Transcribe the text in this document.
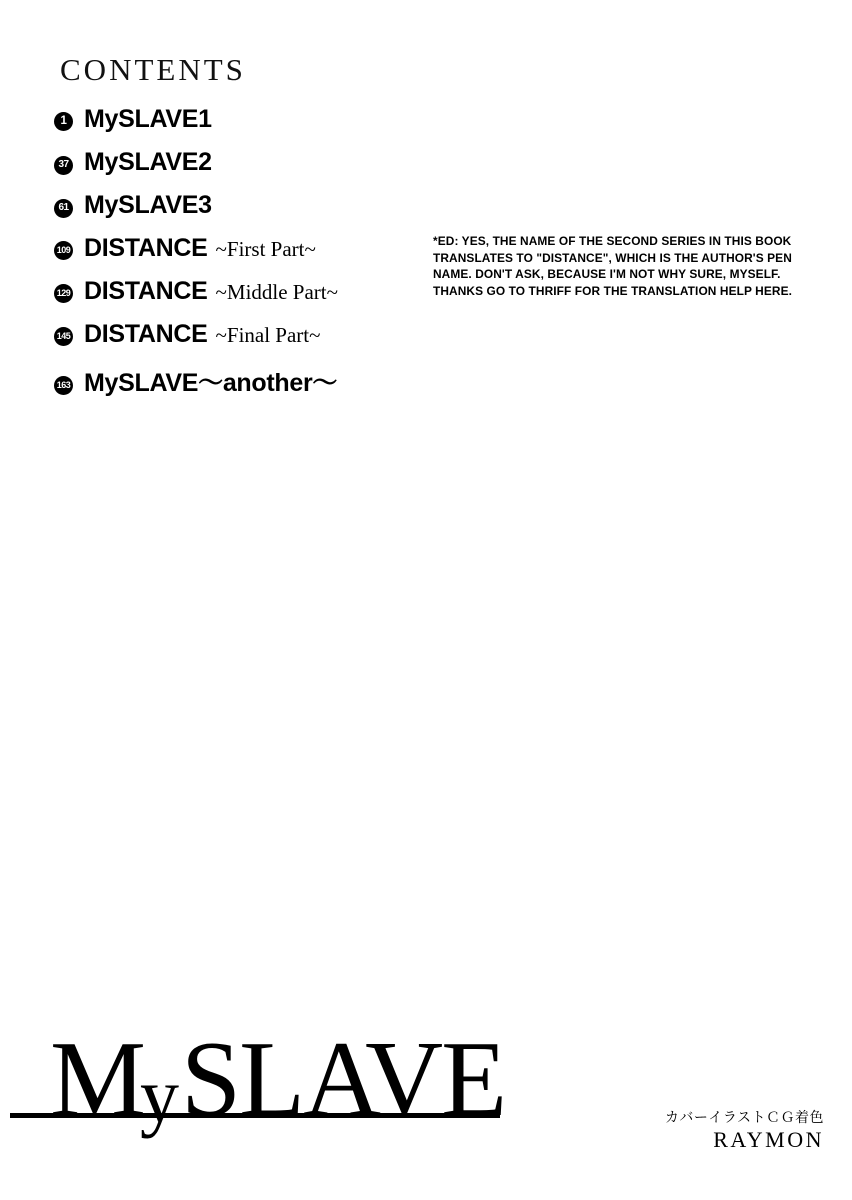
CONTENTS
1 MySLAVE1
37 MySLAVE2
61 MySLAVE3
109 DISTANCE ~First Part~
129 DISTANCE ~Middle Part~
145 DISTANCE ~Final Part~
163 MySLAVE〜another〜
*ED: YES, THE NAME OF THE SECOND SERIES IN THIS BOOK
TRANSLATES TO "DISTANCE", WHICH IS THE AUTHOR'S PEN
NAME. DON'T ASK, BECAUSE I'M NOT WHY SURE, MYSELF.
THANKS GO TO THRIFF FOR THE TRANSLATION HELP HERE.
MySLAVE	カバーイラストＣＧ着色
RAYMON
